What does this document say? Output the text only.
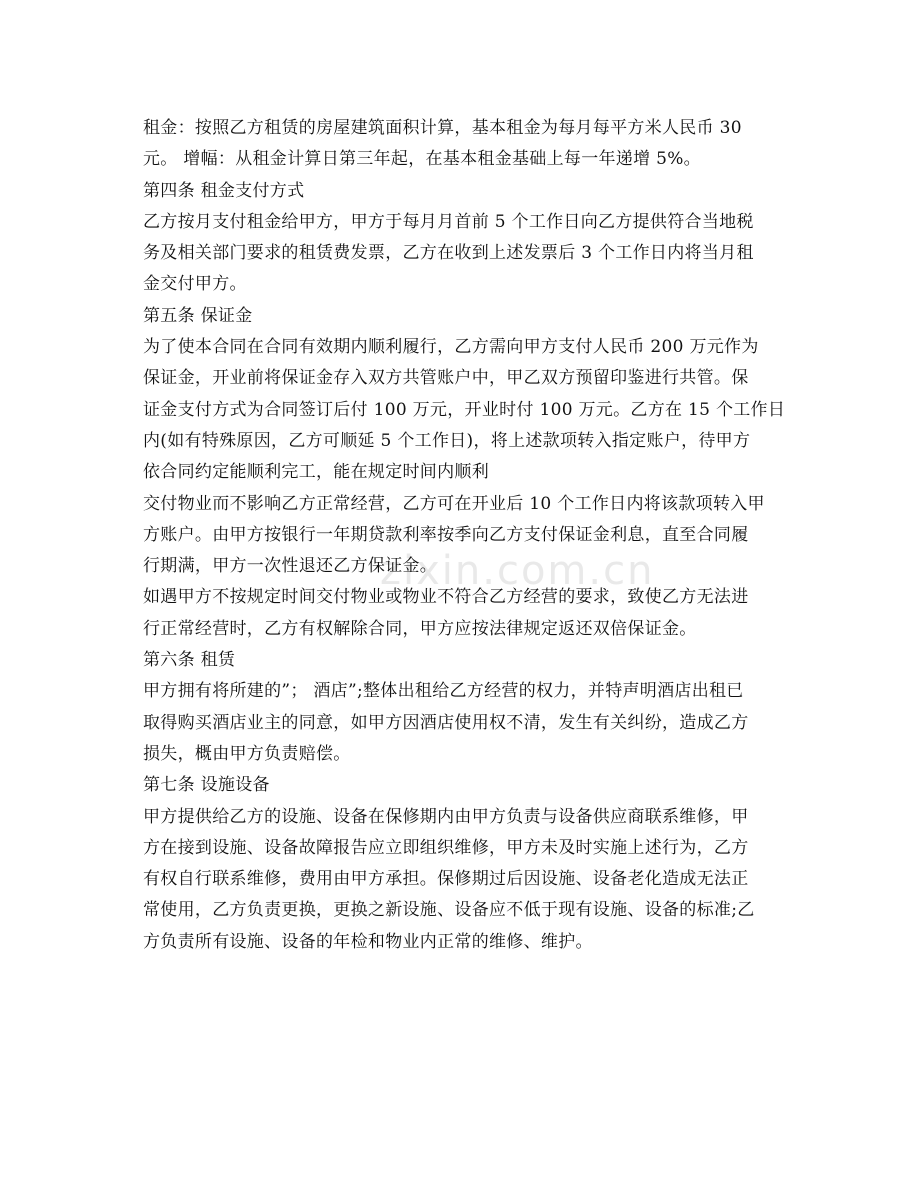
zixin.com.cn
租金：按照乙方租赁的房屋建筑面积计算，基本租金为每月每平方米人民币 30
元。 增幅：从租金计算日第三年起，在基本租金基础上每一年递增 5%。
第四条 租金支付方式
乙方按月支付租金给甲方，甲方于每月月首前 5 个工作日向乙方提供符合当地税
务及相关部门要求的租赁费发票，乙方在收到上述发票后 3 个工作日内将当月租
金交付甲方。
第五条 保证金
为了使本合同在合同有效期内顺利履行，乙方需向甲方支付人民币 200 万元作为
保证金，开业前将保证金存入双方共管账户中，甲乙双方预留印鉴进行共管。保
证金支付方式为合同签订后付 100 万元，开业时付 100 万元。乙方在 15 个工作日
内(如有特殊原因，乙方可顺延 5 个工作日)，将上述款项转入指定账户，待甲方
依合同约定能顺利完工，能在规定时间内顺利
交付物业而不影响乙方正常经营，乙方可在开业后 10 个工作日内将该款项转入甲
方账户。由甲方按银行一年期贷款利率按季向乙方支付保证金利息，直至合同履
行期满，甲方一次性退还乙方保证金。
如遇甲方不按规定时间交付物业或物业不符合乙方经营的要求，致使乙方无法进
行正常经营时，乙方有权解除合同，甲方应按法律规定返还双倍保证金。
第六条 租赁
甲方拥有将所建的”； 酒店”;整体出租给乙方经营的权力，并特声明酒店出租已
取得购买酒店业主的同意，如甲方因酒店使用权不清，发生有关纠纷，造成乙方
损失，概由甲方负责赔偿。
第七条 设施设备
甲方提供给乙方的设施、设备在保修期内由甲方负责与设备供应商联系维修，甲
方在接到设施、设备故障报告应立即组织维修，甲方未及时实施上述行为，乙方
有权自行联系维修，费用由甲方承担。保修期过后因设施、设备老化造成无法正
常使用，乙方负责更换，更换之新设施、设备应不低于现有设施、设备的标准;乙
方负责所有设施、设备的年检和物业内正常的维修、维护。
